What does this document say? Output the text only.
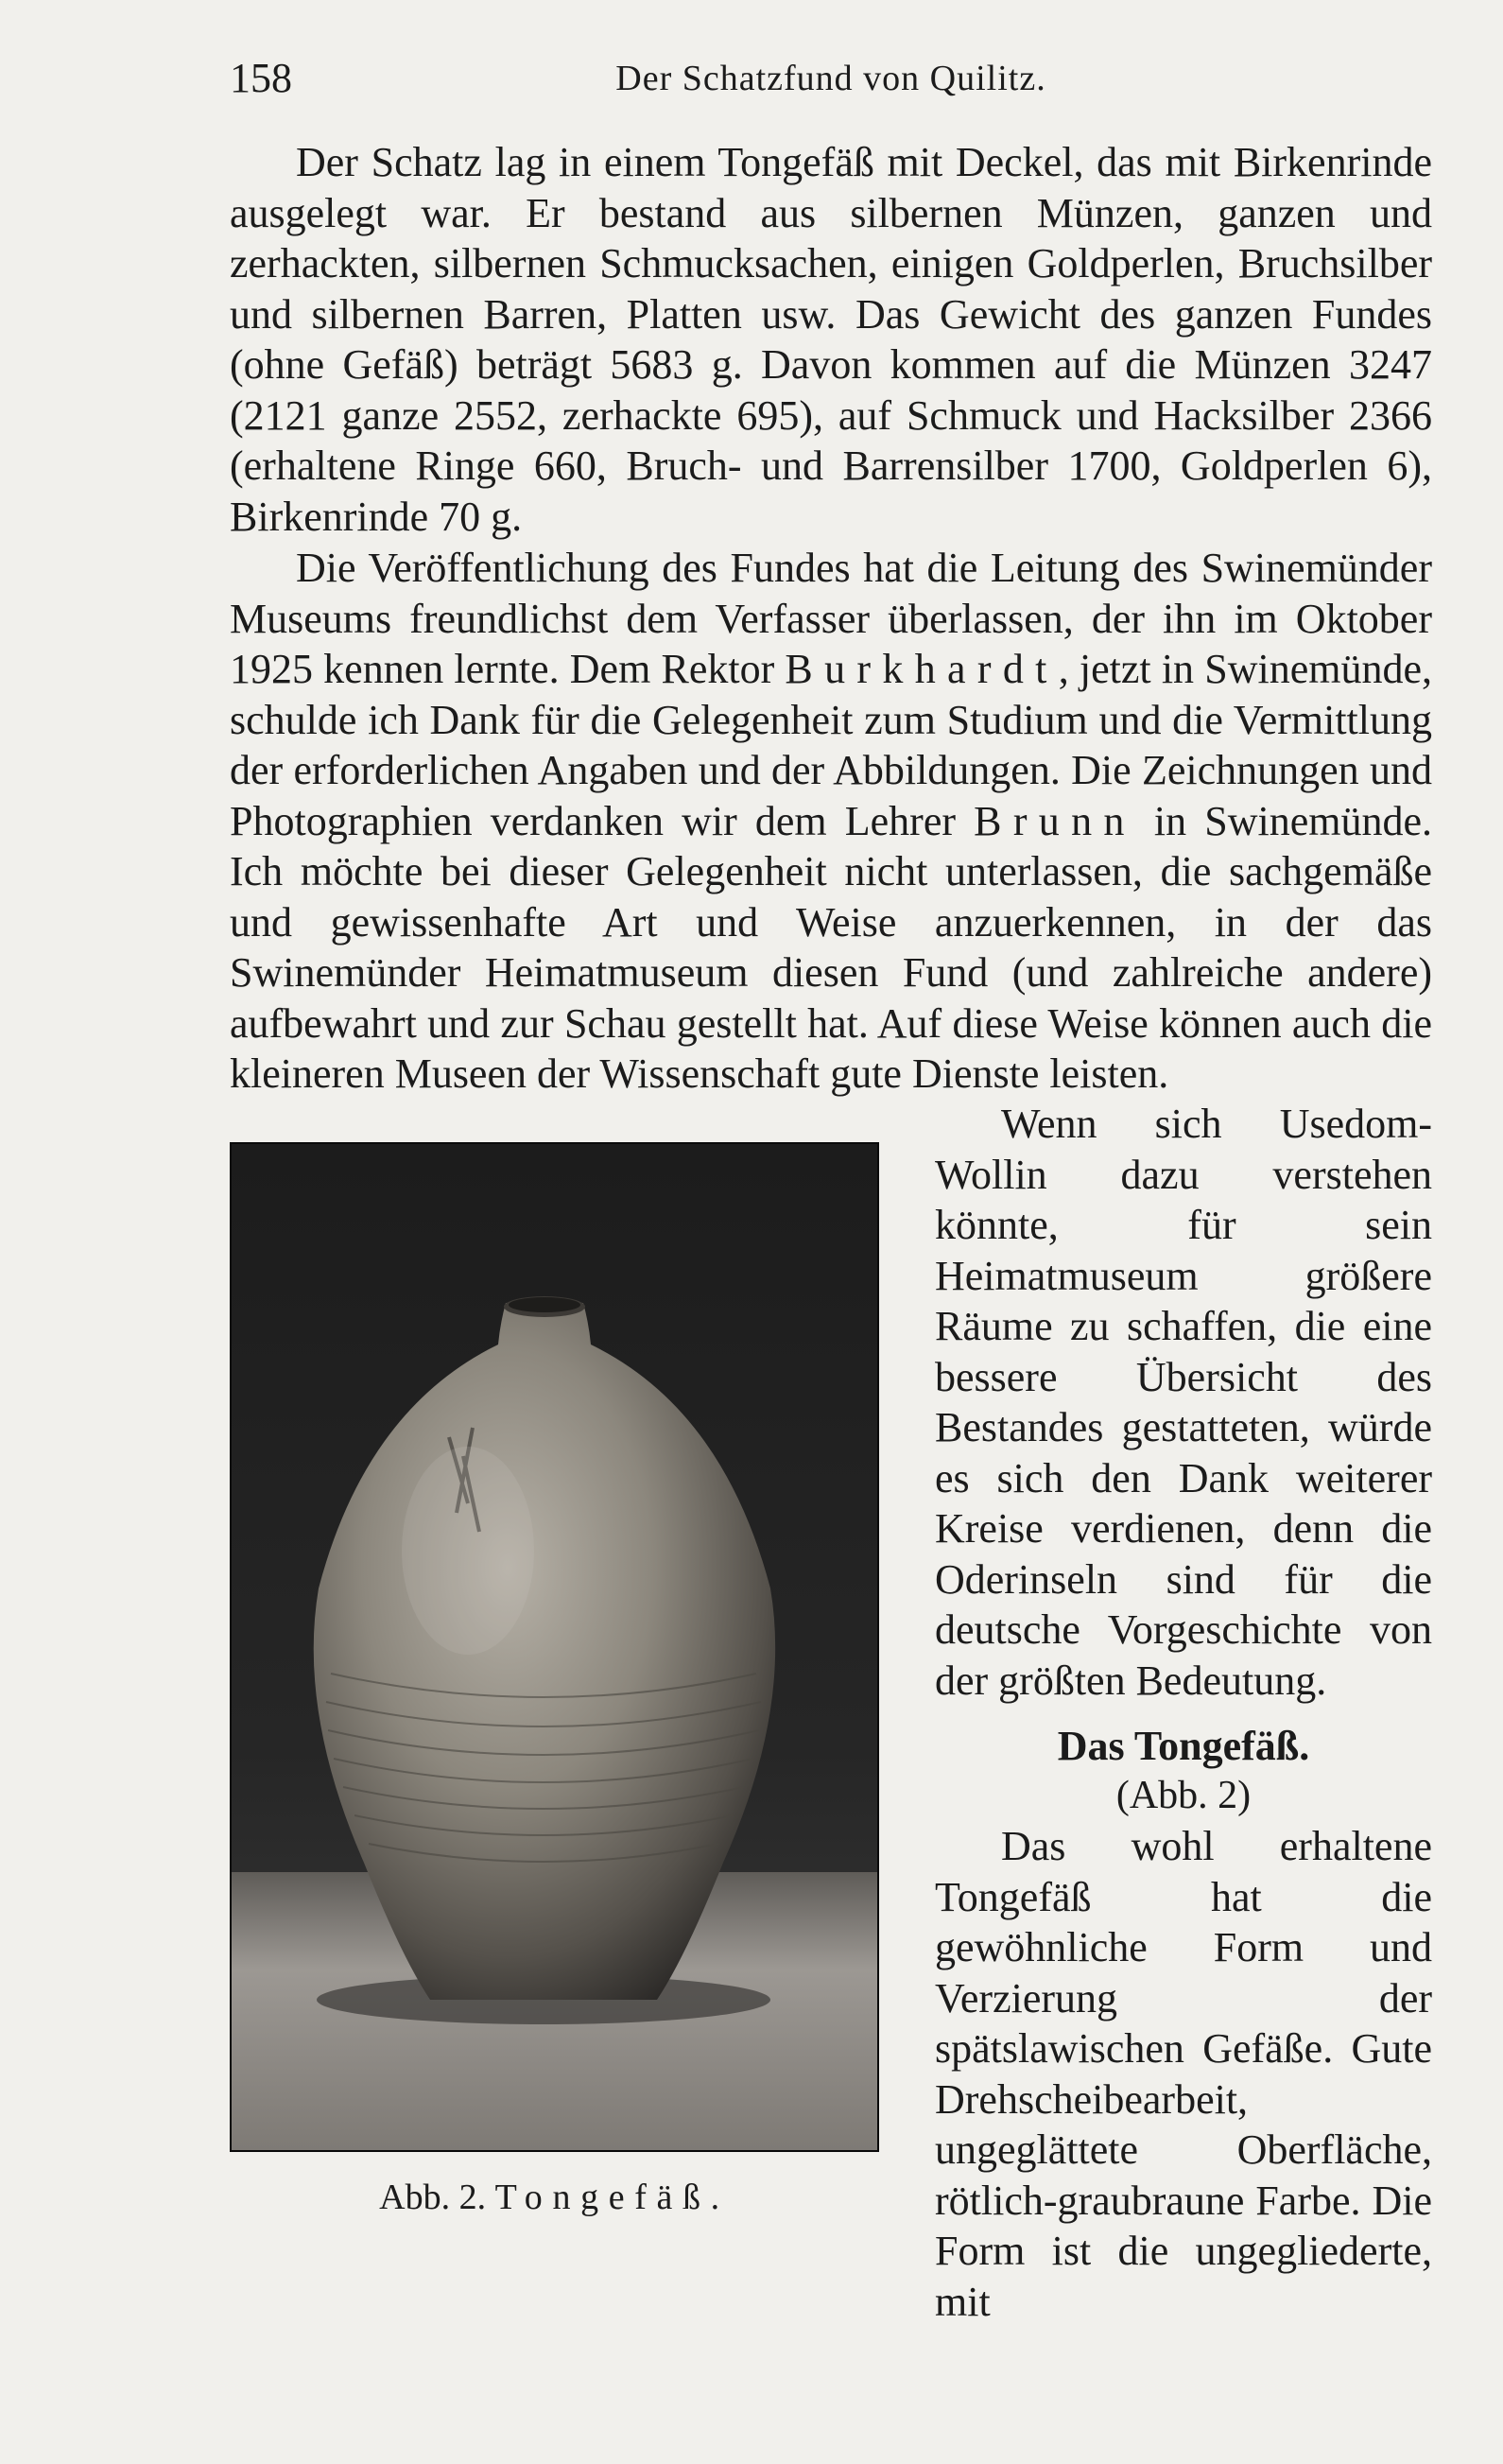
158	Der Schatzfund von Quilitz.

Der Schatz lag in einem Tongefäß mit Deckel, das mit Birkenrinde ausgelegt war. Er bestand aus silbernen Münzen, ganzen und zerhackten, silbernen Schmucksachen, einigen Goldperlen, Bruchsilber und silbernen Barren, Platten usw. Das Gewicht des ganzen Fundes (ohne Gefäß) beträgt 5683 g. Davon kommen auf die Münzen 3247 (2121 ganze 2552, zerhackte 695), auf Schmuck und Hacksilber 2366 (erhaltene Ringe 660, Bruch- und Barrensilber 1700, Goldperlen 6), Birkenrinde 70 g.

Die Veröffentlichung des Fundes hat die Leitung des Swinemünder Museums freundlichst dem Verfasser überlassen, der ihn im Oktober 1925 kennen lernte. Dem Rektor Burkhardt, jetzt in Swinemünde, schulde ich Dank für die Gelegenheit zum Studium und die Vermittlung der erforderlichen Angaben und der Abbildungen. Die Zeichnungen und Photographien verdanken wir dem Lehrer Brunn in Swinemünde. Ich möchte bei dieser Gelegenheit nicht unterlassen, die sachgemäße und gewissenhafte Art und Weise anzuerkennen, in der das Swinemünder Heimatmuseum diesen Fund (und zahlreiche andere) aufbewahrt und zur Schau gestellt hat. Auf diese Weise können auch die kleineren Museen der Wissenschaft gute Dienste leisten.

Wenn sich Usedom-Wollin dazu verstehen könnte, für sein Heimatmuseum größere Räume zu schaffen, die eine bessere Übersicht des Bestandes gestatteten, würde es sich den Dank weiterer Kreise verdienen, denn die Oderinseln sind für die deutsche Vorgeschichte von der größten Bedeutung.

Abb. 2. Tongefäß.
Das Tongefäß.
(Abb. 2)

Das wohl erhaltene Tongefäß hat die gewöhnliche Form und Verzierung der spätslawischen Gefäße. Gute Drehscheibearbeit, ungeglättete Oberfläche, rötlich-graubraune Farbe. Die Form ist die ungegliederte, mit
